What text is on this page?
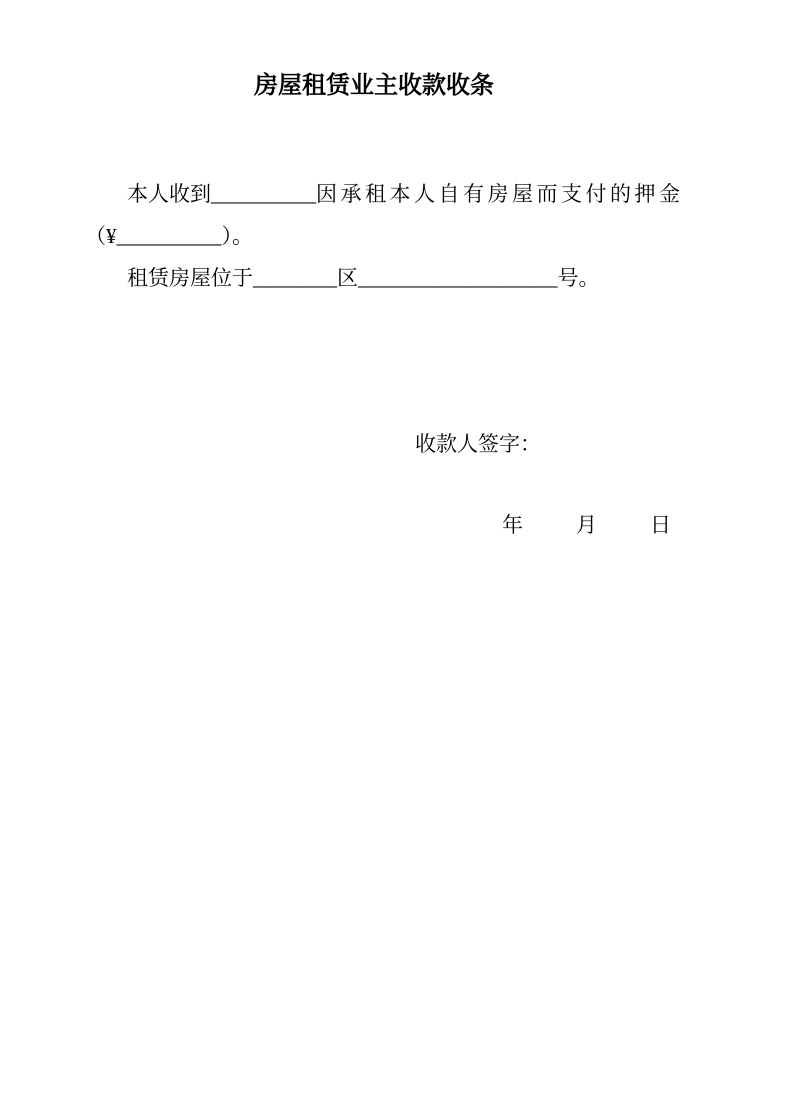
房屋租赁业主收款收条
本人收到__________因承租本人自有房屋而支付的押金
（¥__________）。
租赁房屋位于________区___________________号。
收款人签字：
年	月	日
